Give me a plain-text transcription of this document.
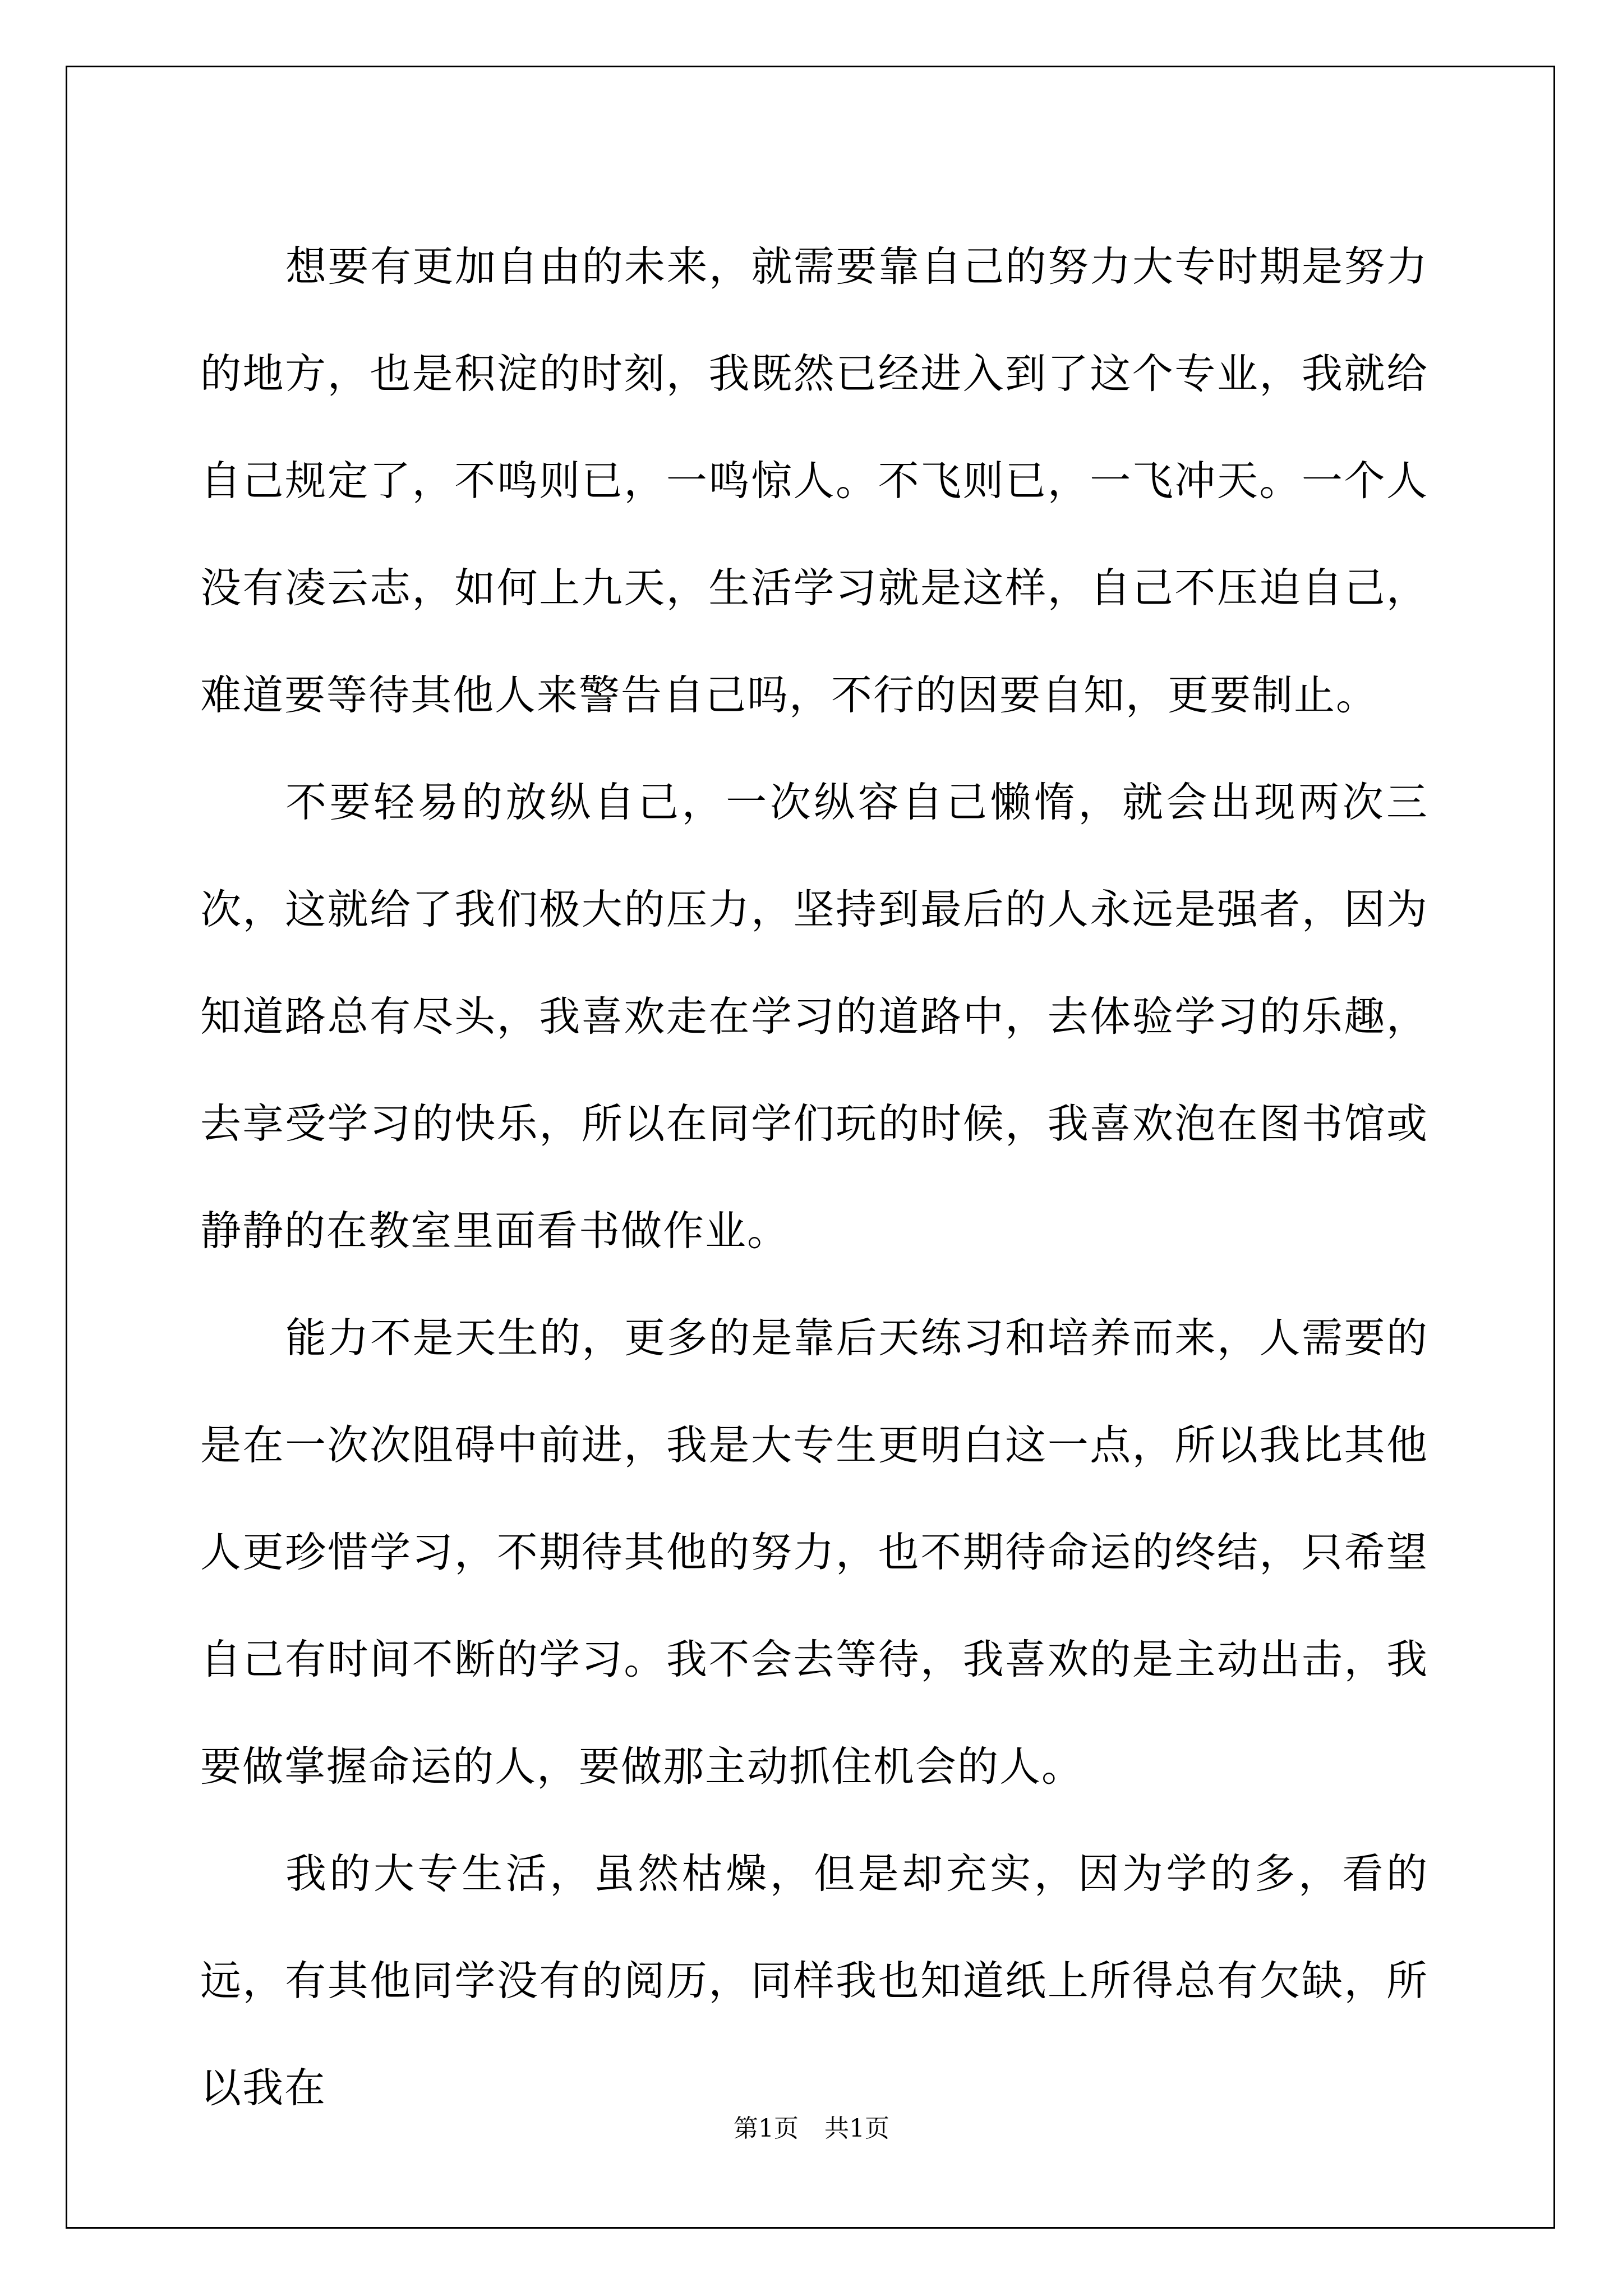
想要有更加自由的未来，就需要靠自己的努力大专时期是努力的地方，也是积淀的时刻，我既然已经进入到了这个专业，我就给自己规定了，不鸣则已，一鸣惊人。不飞则已，一飞冲天。一个人没有凌云志，如何上九天，生活学习就是这样，自己不压迫自己，难道要等待其他人来警告自己吗，不行的因要自知，更要制止。

不要轻易的放纵自己，一次纵容自己懒惰，就会出现两次三次，这就给了我们极大的压力，坚持到最后的人永远是强者，因为知道路总有尽头，我喜欢走在学习的道路中，去体验学习的乐趣，去享受学习的快乐，所以在同学们玩的时候，我喜欢泡在图书馆或静静的在教室里面看书做作业。

能力不是天生的，更多的是靠后天练习和培养而来，人需要的是在一次次阻碍中前进，我是大专生更明白这一点，所以我比其他人更珍惜学习，不期待其他的努力，也不期待命运的终结，只希望自己有时间不断的学习。我不会去等待，我喜欢的是主动出击，我要做掌握命运的人，要做那主动抓住机会的人。

我的大专生活，虽然枯燥，但是却充实，因为学的多，看的远，有其他同学没有的阅历，同样我也知道纸上所得总有欠缺，所以我在

第1页 共1页
